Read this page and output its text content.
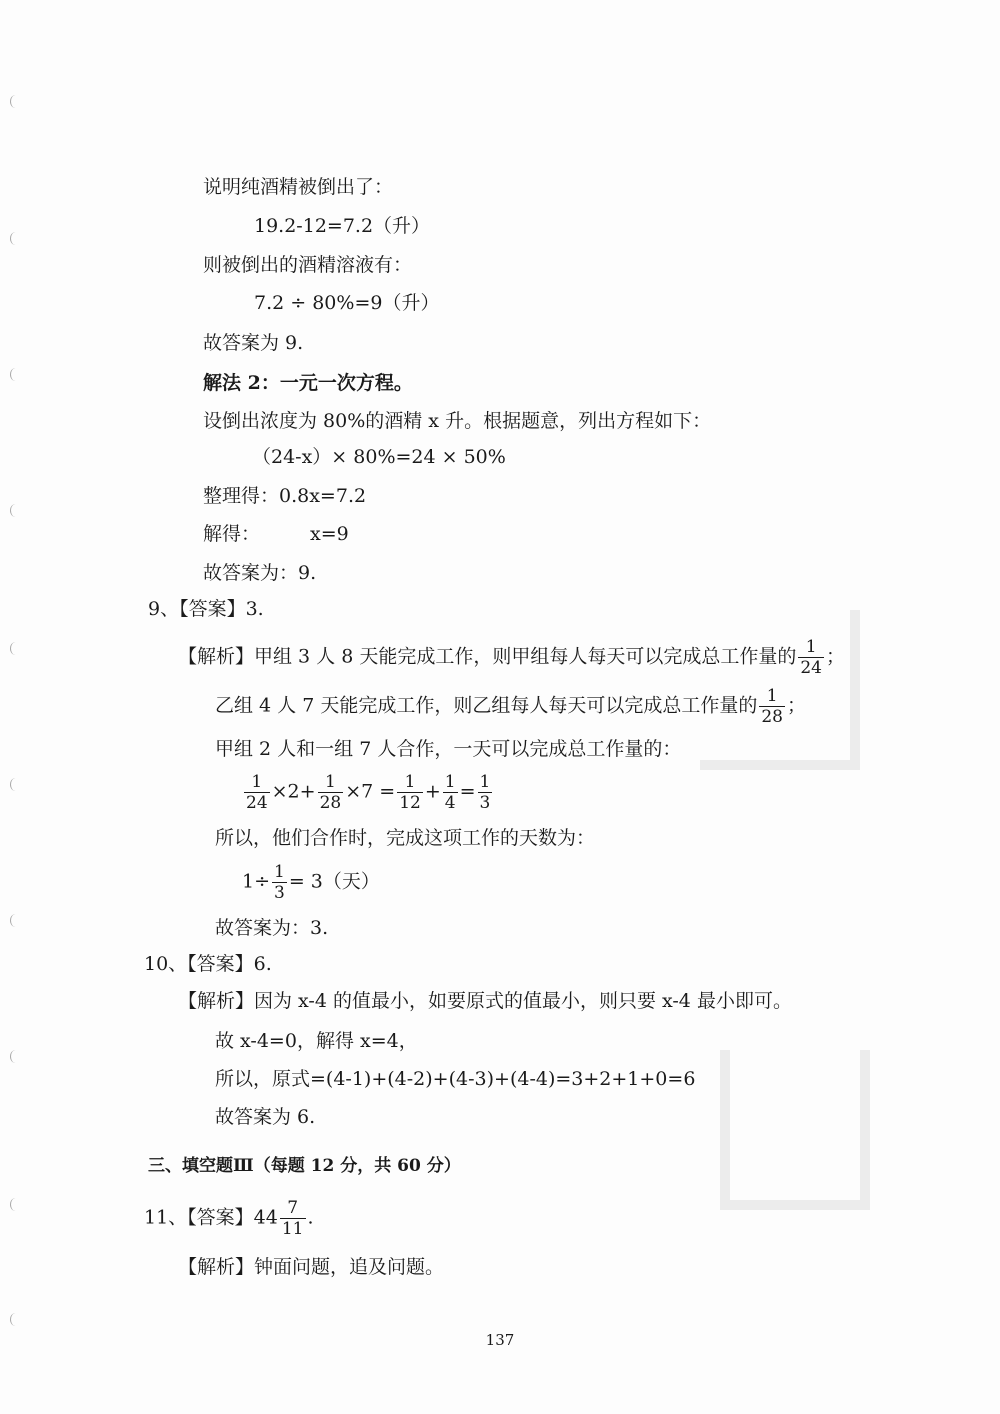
说明纯酒精被倒出了：
19.2-12=7.2（升）
则被倒出的酒精溶液有：
7.2 ÷ 80%=9（升）
故答案为 9.
解法 2：一元一次方程。
设倒出浓度为 80%的酒精 x 升。根据题意，列出方程如下：
（24-x）× 80%=24 × 50%
整理得：0.8x=7.2
解得：	x=9
故答案为：9.
9、【答案】3.
【解析】甲组 3 人 8 天能完成工作，则甲组每人每天可以完成总工作量的 $\frac{1}{24}$ ；
乙组 4 人 7 天能完成工作，则乙组每人每天可以完成总工作量的 $\frac{1}{28}$ ；
甲组 2 人和一组 7 人合作，一天可以完成总工作量的：
$\frac{1}{24} \times 2+ \frac{1}{28} \times 7 = \frac{1}{12} + \frac{1}{4} = \frac{1}{3}$
所以，他们合作时，完成这项工作的天数为：
$1\div \frac{1}{3} = 3$（天）
故答案为：3.
10、【答案】6.
【解析】因为 x-4 的值最小，如要原式的值最小，则只要 x-4 最小即可。
故 x-4=0，解得 x=4，
所以，原式=(4-1)+(4-2)+(4-3)+(4-4)=3+2+1+0=6
故答案为 6.
三、填空题Ⅲ（每题 12 分，共 60 分）
11、【答案】$44 \frac{7}{11}$ .
【解析】钟面问题，追及问题。
137
